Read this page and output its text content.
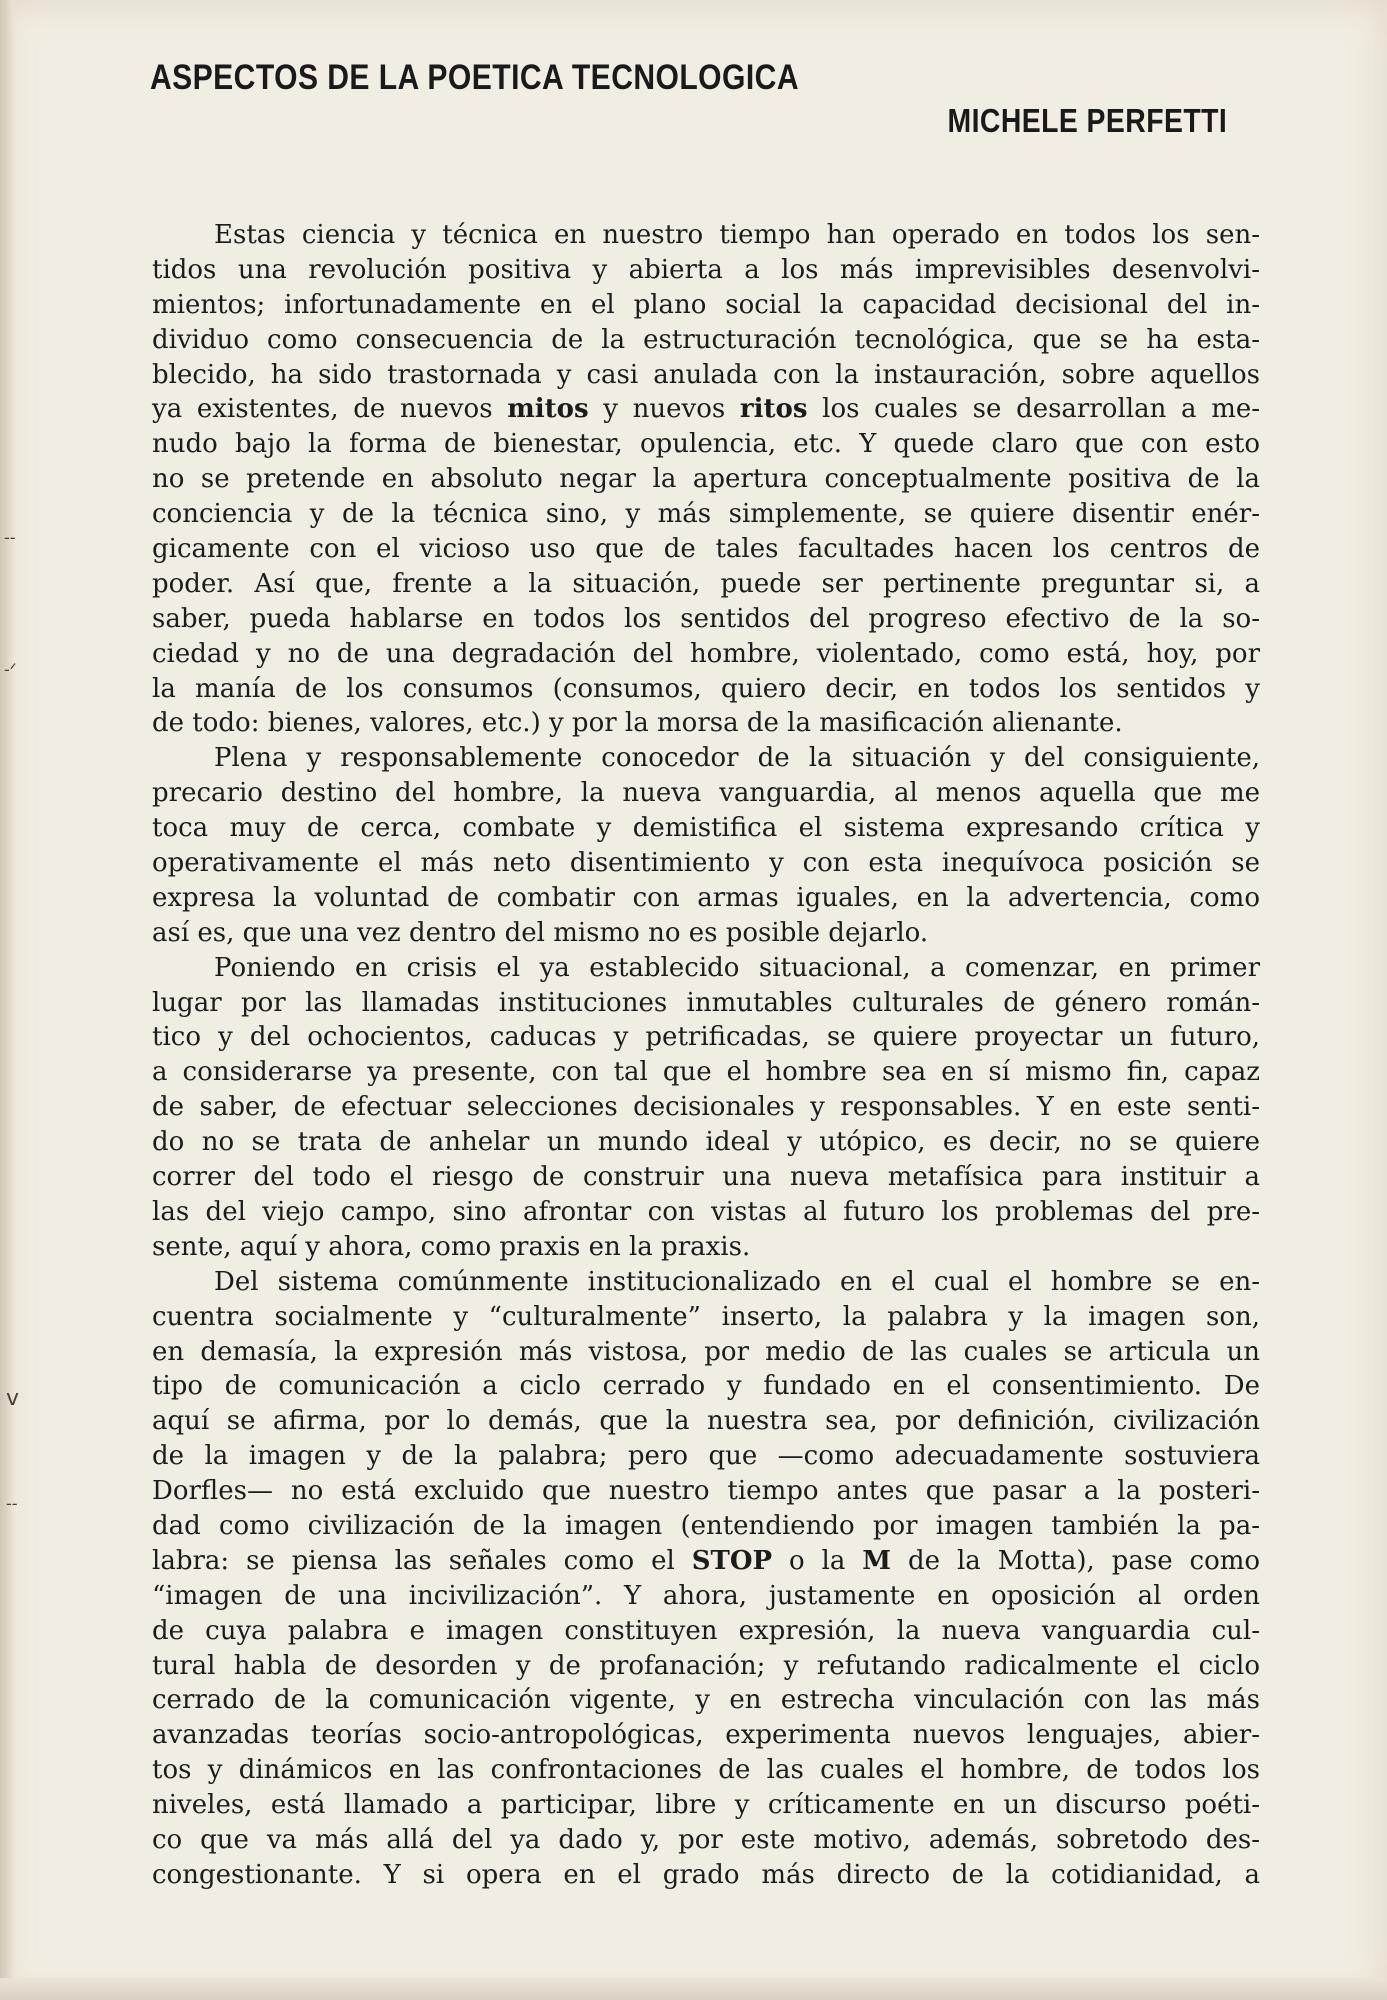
ASPECTOS DE LA POETICA TECNOLOGICA
MICHELE PERFETTI
-‐
‐ᐟ
𝗏
-‐
Estas ciencia y técnica en nuestro tiempo han operado en todos los sen-
tidos una revolución positiva y abierta a los más imprevisibles desenvolvi-
mientos; infortunadamente en el plano social la capacidad decisional del in-
dividuo como consecuencia de la estructuración tecnológica, que se ha esta-
blecido, ha sido trastornada y casi anulada con la instauración, sobre aquellos
ya existentes, de nuevos mitos y nuevos ritos los cuales se desarrollan a me-
nudo bajo la forma de bienestar, opulencia, etc. Y quede claro que con esto
no se pretende en absoluto negar la apertura conceptualmente positiva de la
conciencia y de la técnica sino, y más simplemente, se quiere disentir enér-
gicamente con el vicioso uso que de tales facultades hacen los centros de
poder. Así que, frente a la situación, puede ser pertinente preguntar si, a
saber, pueda hablarse en todos los sentidos del progreso efectivo de la so-
ciedad y no de una degradación del hombre, violentado, como está, hoy, por
la manía de los consumos (consumos, quiero decir, en todos los sentidos y
de todo: bienes, valores, etc.) y por la morsa de la masificación alienante.
Plena y responsablemente conocedor de la situación y del consiguiente,
precario destino del hombre, la nueva vanguardia, al menos aquella que me
toca muy de cerca, combate y demistifica el sistema expresando crítica y
operativamente el más neto disentimiento y con esta inequívoca posición se
expresa la voluntad de combatir con armas iguales, en la advertencia, como
así es, que una vez dentro del mismo no es posible dejarlo.
Poniendo en crisis el ya establecido situacional, a comenzar, en primer
lugar por las llamadas instituciones inmutables culturales de género román-
tico y del ochocientos, caducas y petrificadas, se quiere proyectar un futuro,
a considerarse ya presente, con tal que el hombre sea en sí mismo fin, capaz
de saber, de efectuar selecciones decisionales y responsables. Y en este senti-
do no se trata de anhelar un mundo ideal y utópico, es decir, no se quiere
correr del todo el riesgo de construir una nueva metafísica para instituir a
las del viejo campo, sino afrontar con vistas al futuro los problemas del pre-
sente, aquí y ahora, como praxis en la praxis.
Del sistema comúnmente institucionalizado en el cual el hombre se en-
cuentra socialmente y “culturalmente” inserto, la palabra y la imagen son,
en demasía, la expresión más vistosa, por medio de las cuales se articula un
tipo de comunicación a ciclo cerrado y fundado en el consentimiento. De
aquí se afirma, por lo demás, que la nuestra sea, por definición, civilización
de la imagen y de la palabra; pero que —como adecuadamente sostuviera
Dorfles— no está excluido que nuestro tiempo antes que pasar a la posteri-
dad como civilización de la imagen (entendiendo por imagen también la pa-
labra: se piensa las señales como el STOP o la M de la Motta), pase como
“imagen de una incivilización”. Y ahora, justamente en oposición al orden
de cuya palabra e imagen constituyen expresión, la nueva vanguardia cul-
tural habla de desorden y de profanación; y refutando radicalmente el ciclo
cerrado de la comunicación vigente, y en estrecha vinculación con las más
avanzadas teorías socio-antropológicas, experimenta nuevos lenguajes, abier-
tos y dinámicos en las confrontaciones de las cuales el hombre, de todos los
niveles, está llamado a participar, libre y críticamente en un discurso poéti-
co que va más allá del ya dado y, por este motivo, además, sobretodo des-
congestionante. Y si opera en el grado más directo de la cotidianidad, a
